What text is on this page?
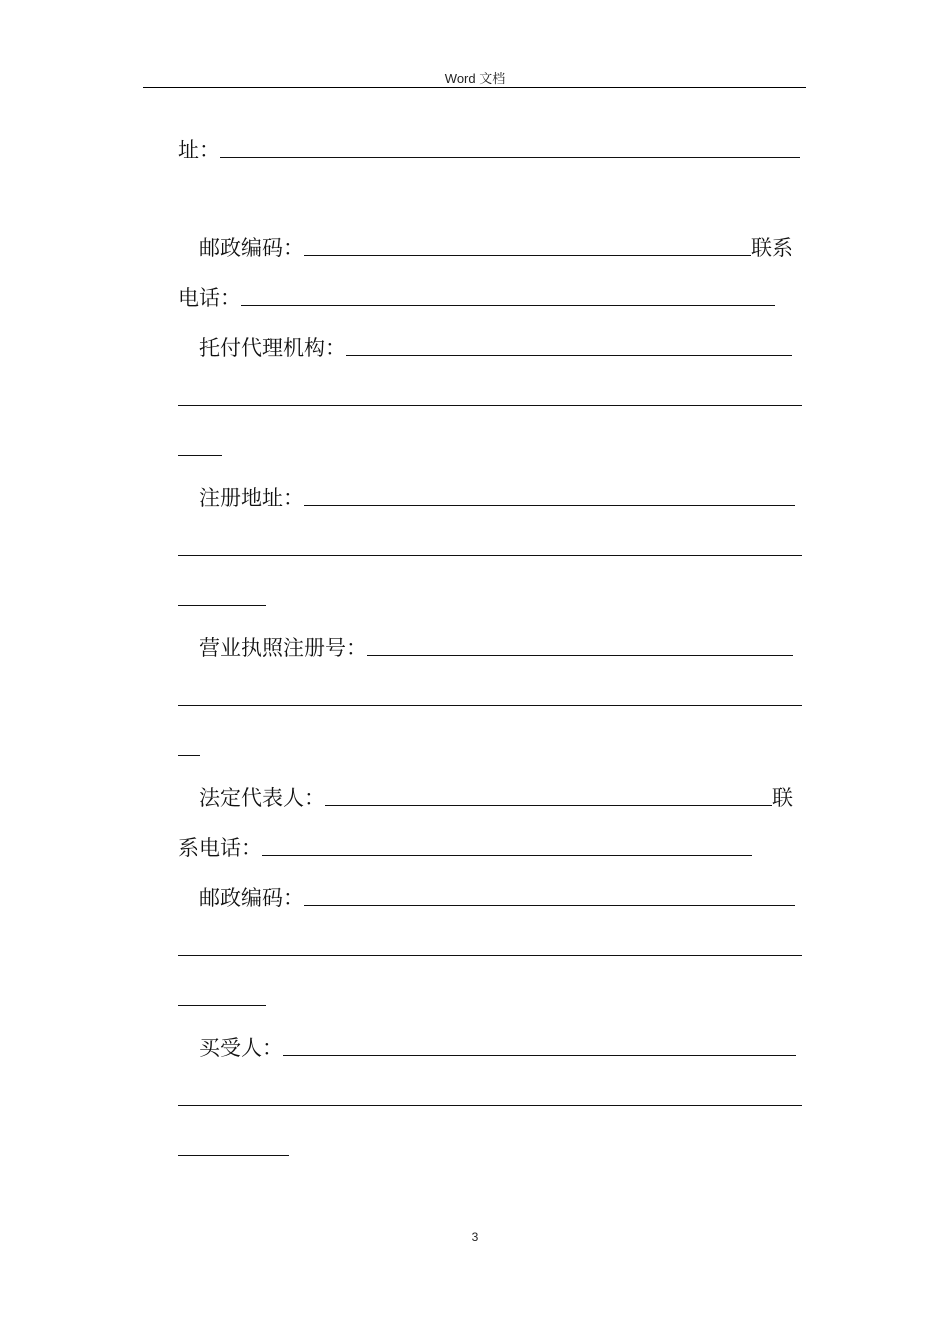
Word 文档
址：
邮政编码：	联系
电话：
托付代理机构：
注册地址：
营业执照注册号：
法定代表人：	联
系电话：
邮政编码：
买受人：
3
